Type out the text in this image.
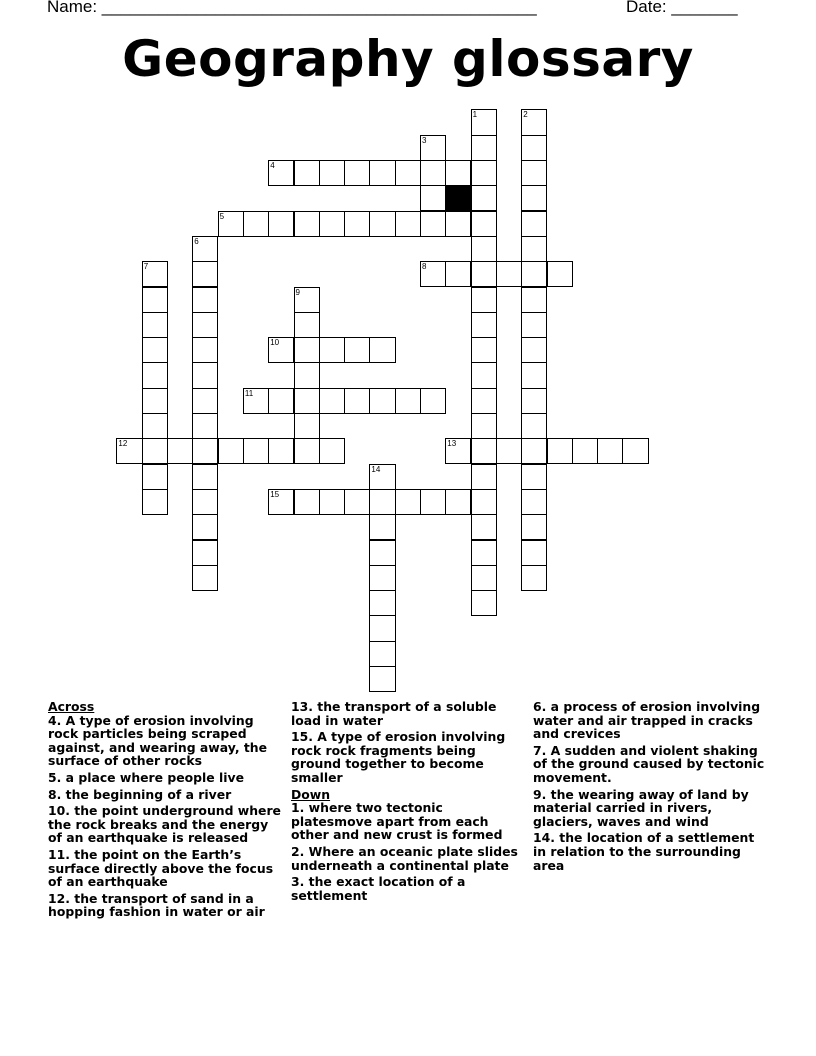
Name: ______________________________________________	Date: _______
Geography glossary
1	2
3
4
5
6
7	8
9
10
11
12	13
14
15

Across

4. A type of erosion involving rock particles being scraped against, and wearing away, the surface of other rocks

5. a place where people live

8. the beginning of a river

10. the point underground where the rock breaks and the energy of an earthquake is released

11. the point on the Earth’s surface directly above the focus of an earthquake

12. the transport of sand in a hopping fashion in water or air

13. the transport of a soluble load in water

15. A type of erosion involving rock rock fragments being ground together to become smaller

Down

1. where two tectonic platesmove apart from each other and new crust is formed

2. Where an oceanic plate slides underneath a continental plate

3. the exact location of a settlement

6. a process of erosion involving water and air trapped in cracks and crevices

7. A sudden and violent shaking of the ground caused by tectonic movement.

9. the wearing away of land by material carried in rivers, glaciers, waves and wind

14. the location of a settlement in relation to the surrounding area
